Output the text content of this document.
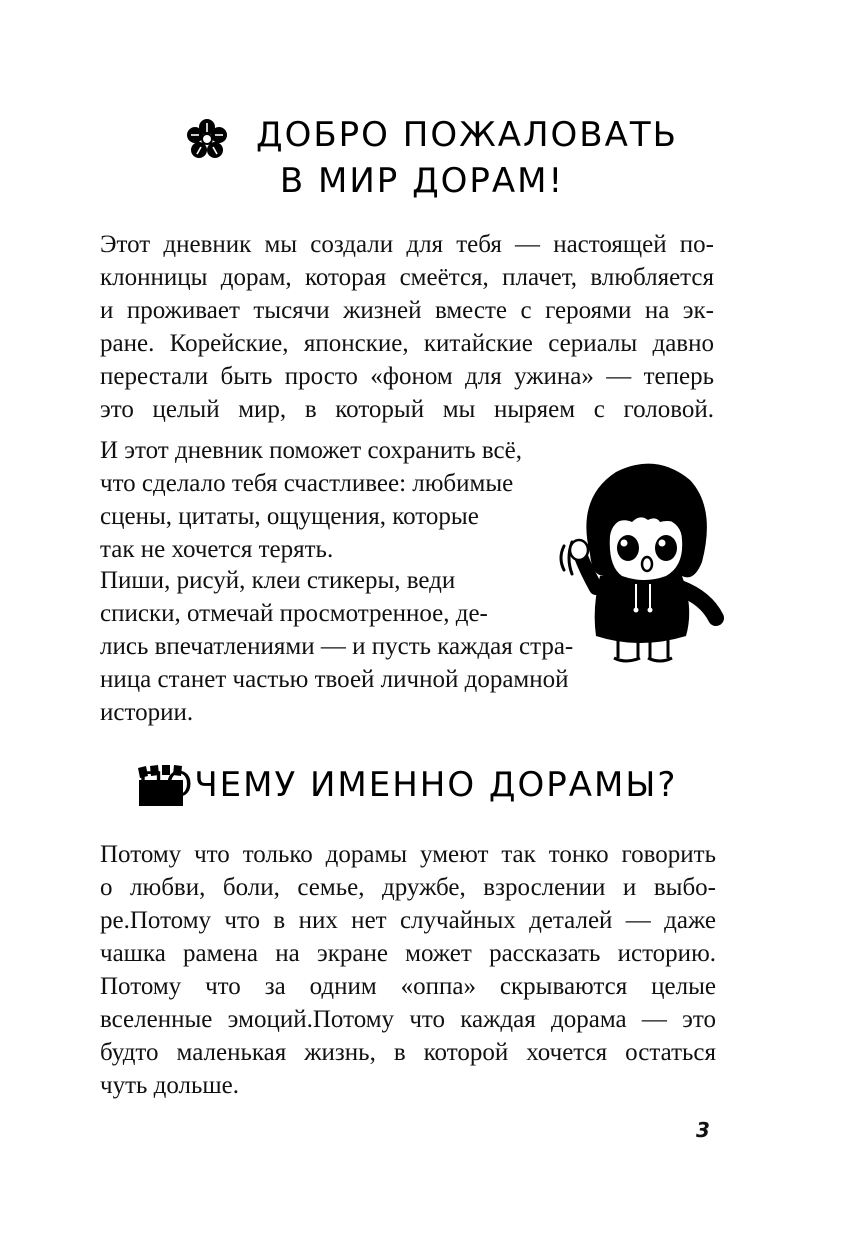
ДОБРО ПОЖАЛОВАТЬ
В МИР ДОРАМ!
Этот дневник мы создали для тебя — настоящей по-
клонницы дорам, которая смеётся, плачет, влюбляется
и проживает тысячи жизней вместе с героями на эк-
ране. Корейские, японские, китайские сериалы давно
перестали быть просто «фоном для ужина» — теперь
это целый мир, в который мы ныряем с головой.
И этот дневник поможет сохранить всё,
что сделало тебя счастливее: любимые
сцены, цитаты, ощущения, которые
так не хочется терять.
Пиши, рисуй, клеи стикеры, веди
списки, отмечай просмотренное, де-
лись впечатлениями — и пусть каждая стра-
ница станет частью твоей личной дорамной
истории.
ПОЧЕМУ ИМЕННО ДОРАМЫ?
Потому что только дорамы умеют так тонко говорить
о любви, боли, семье, дружбе, взрослении и выбо-
ре.Потому что в них нет случайных деталей — даже
чашка рамена на экране может рассказать историю.
Потому что за одним «оппа» скрываются целые
вселенные эмоций.Потому что каждая дорама — это
будто маленькая жизнь, в которой хочется остаться
чуть дольше.
3
